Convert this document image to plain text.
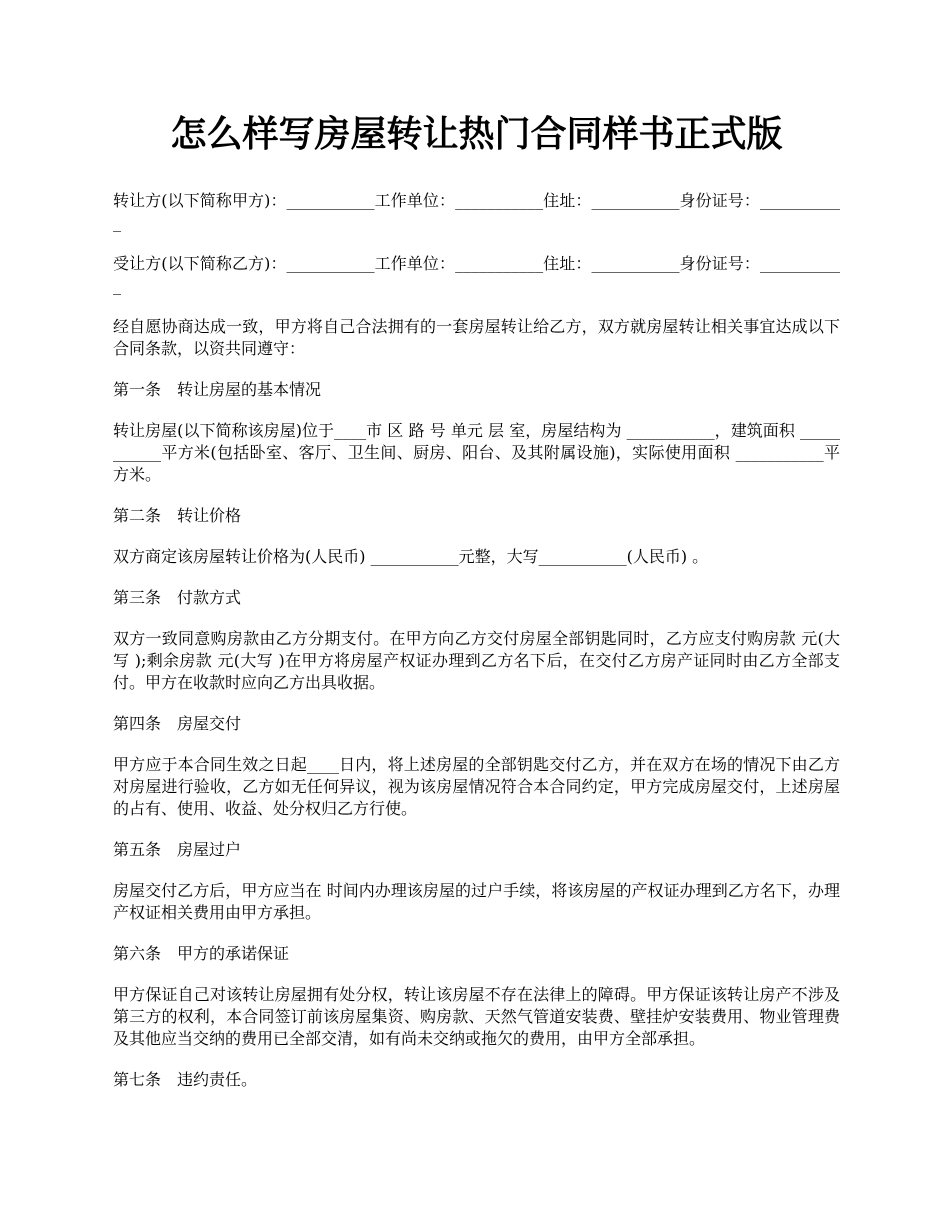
怎么样写房屋转让热门合同样书正式版

转让方(以下简称甲方)：___________工作单位：___________住址：___________身份证号：___________

受让方(以下简称乙方)：___________工作单位：___________住址：___________身份证号：___________

经自愿协商达成一致，甲方将自己合法拥有的一套房屋转让给乙方，双方就房屋转让相关事宜达成以下合同条款，以资共同遵守：

第一条　转让房屋的基本情况

转让房屋(以下简称该房屋)位于____市 区 路 号 单元 层 室，房屋结构为 ___________，建筑面积 ___________平方米(包括卧室、客厅、卫生间、厨房、阳台、及其附属设施)，实际使用面积 ___________平方米。

第二条　转让价格

双方商定该房屋转让价格为(人民币) ___________元整，大写___________(人民币) 。

第三条　付款方式

双方一致同意购房款由乙方分期支付。在甲方向乙方交付房屋全部钥匙同时，乙方应支付购房款 元(大写 );剩余房款 元(大写 )在甲方将房屋产权证办理到乙方名下后，在交付乙方房产证同时由乙方全部支付。甲方在收款时应向乙方出具收据。

第四条　房屋交付

甲方应于本合同生效之日起____日内，将上述房屋的全部钥匙交付乙方，并在双方在场的情况下由乙方对房屋进行验收，乙方如无任何异议，视为该房屋情况符合本合同约定，甲方完成房屋交付，上述房屋的占有、使用、收益、处分权归乙方行使。

第五条　房屋过户

房屋交付乙方后，甲方应当在 时间内办理该房屋的过户手续，将该房屋的产权证办理到乙方名下，办理产权证相关费用由甲方承担。

第六条　甲方的承诺保证

甲方保证自己对该转让房屋拥有处分权，转让该房屋不存在法律上的障碍。甲方保证该转让房产不涉及第三方的权利，本合同签订前该房屋集资、购房款、天然气管道安装费、壁挂炉安装费用、物业管理费及其他应当交纳的费用已全部交清，如有尚未交纳或拖欠的费用，由甲方全部承担。

第七条　违约责任。
